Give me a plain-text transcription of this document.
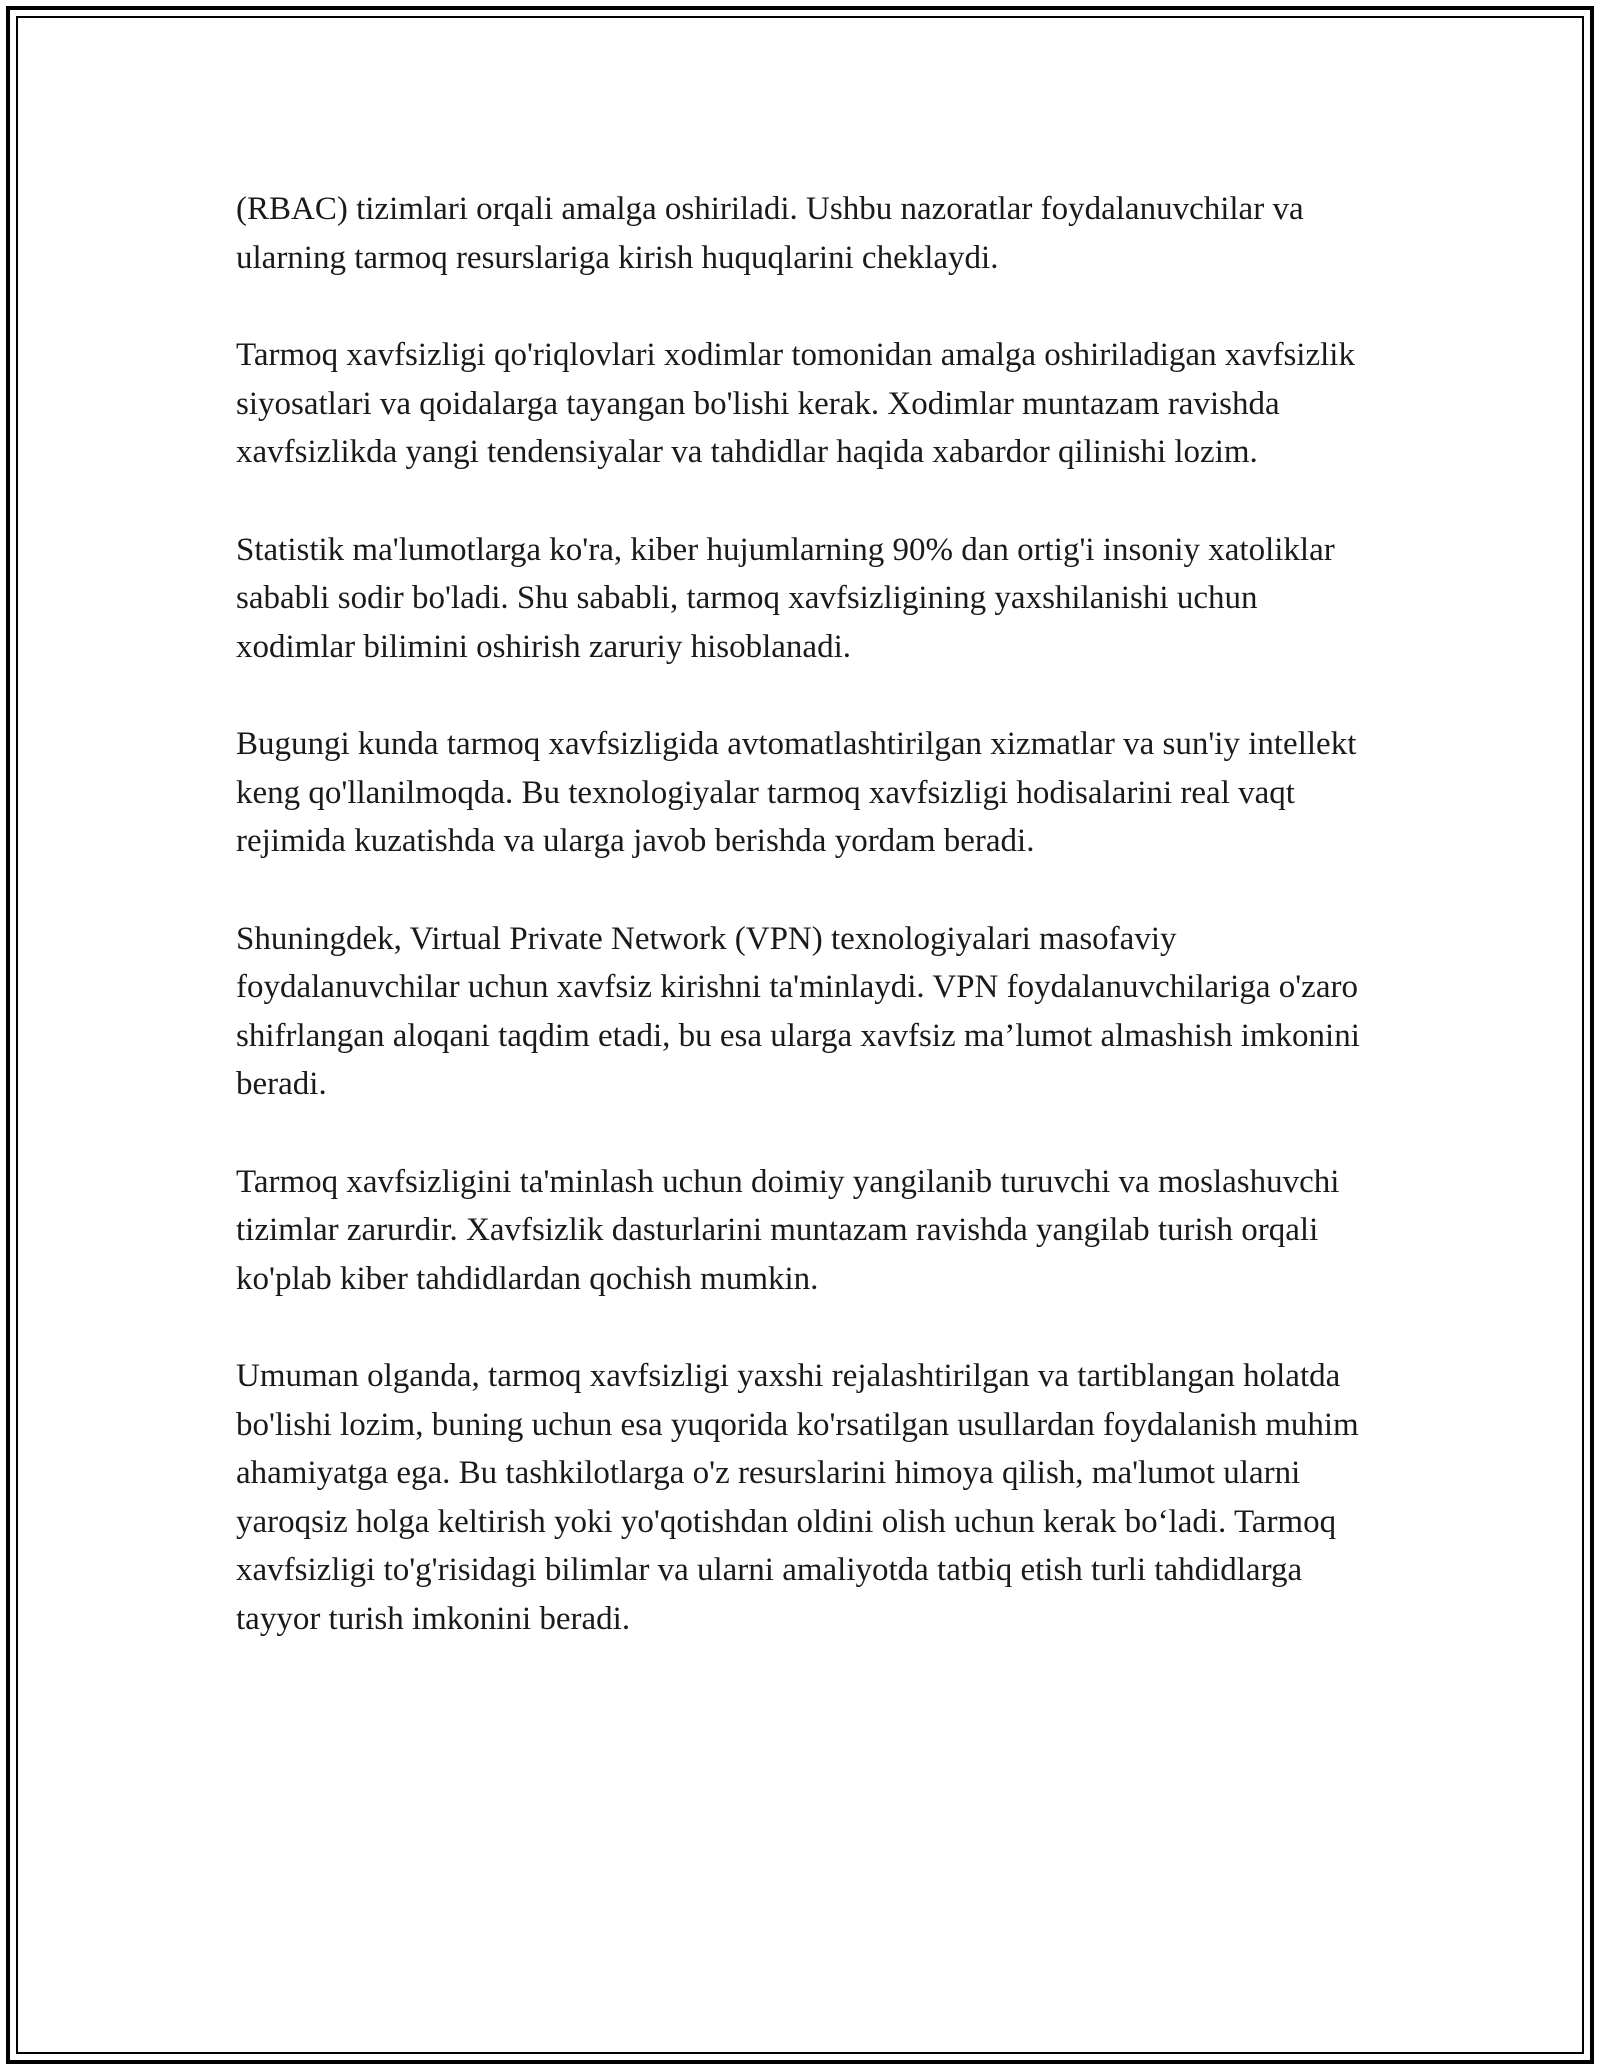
(RBAC) tizimlari orqali amalga oshiriladi. Ushbu nazoratlar foydalanuvchilar va ularning tarmoq resurslariga kirish huquqlarini cheklaydi.

Tarmoq xavfsizligi qo'riqlovlari xodimlar tomonidan amalga oshiriladigan xavfsizlik siyosatlari va qoidalarga tayangan bo'lishi kerak. Xodimlar muntazam ravishda xavfsizlikda yangi tendensiyalar va tahdidlar haqida xabardor qilinishi lozim.

Statistik ma'lumotlarga ko'ra, kiber hujumlarning 90% dan ortig'i insoniy xatoliklar sababli sodir bo'ladi. Shu sababli, tarmoq xavfsizligining yaxshilanishi uchun xodimlar bilimini oshirish zaruriy hisoblanadi.

Bugungi kunda tarmoq xavfsizligida avtomatlashtirilgan xizmatlar va sun'iy intellekt keng qo'llanilmoqda. Bu texnologiyalar tarmoq xavfsizligi hodisalarini real vaqt rejimida kuzatishda va ularga javob berishda yordam beradi.

Shuningdek, Virtual Private Network (VPN) texnologiyalari masofaviy foydalanuvchilar uchun xavfsiz kirishni ta'minlaydi. VPN foydalanuvchilariga o'zaro shifrlangan aloqani taqdim etadi, bu esa ularga xavfsiz ma’lumot almashish imkonini beradi.

Tarmoq xavfsizligini ta'minlash uchun doimiy yangilanib turuvchi va moslashuvchi tizimlar zarurdir. Xavfsizlik dasturlarini muntazam ravishda yangilab turish orqali ko'plab kiber tahdidlardan qochish mumkin.

Umuman olganda, tarmoq xavfsizligi yaxshi rejalashtirilgan va tartiblangan holatda bo'lishi lozim, buning uchun esa yuqorida ko'rsatilgan usullardan foydalanish muhim ahamiyatga ega. Bu tashkilotlarga o'z resurslarini himoya qilish, ma'lumot ularni yaroqsiz holga keltirish yoki yo'qotishdan oldini olish uchun kerak bo‘ladi. Tarmoq xavfsizligi to'g'risidagi bilimlar va ularni amaliyotda tatbiq etish turli tahdidlarga tayyor turish imkonini beradi.
